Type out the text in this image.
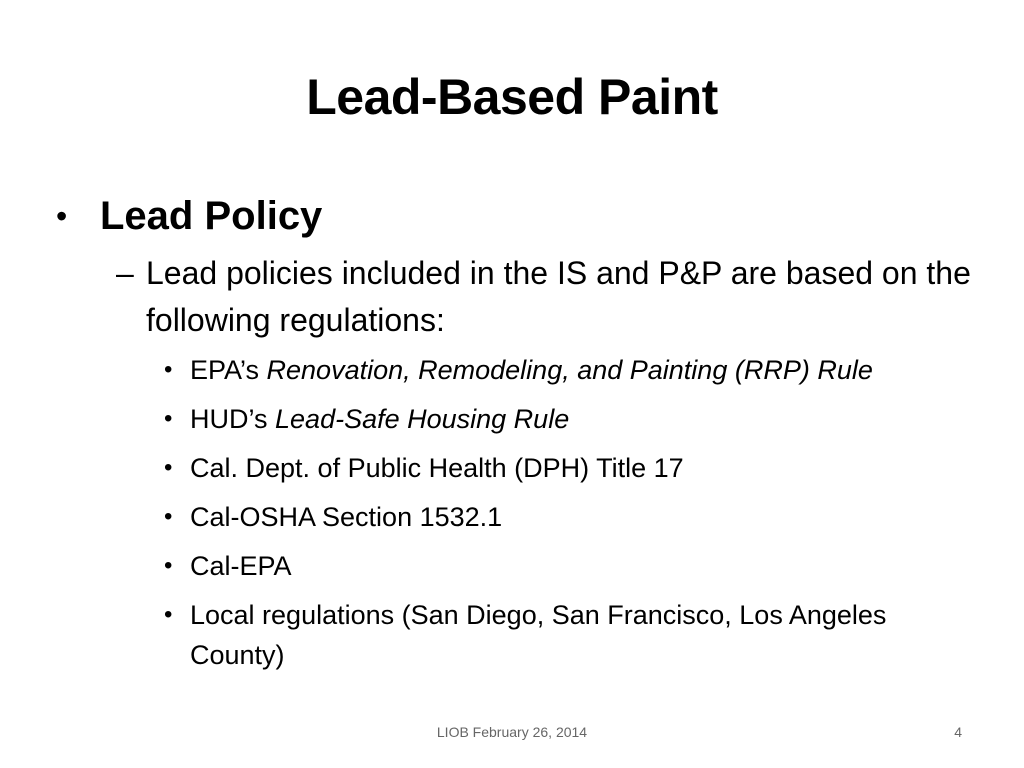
Lead-Based Paint
• Lead Policy
– Lead policies included in the IS and P&P are based on the following regulations:
• EPA’s Renovation, Remodeling, and Painting (RRP) Rule
• HUD’s Lead-Safe Housing Rule
• Cal. Dept. of Public Health (DPH) Title 17
• Cal-OSHA Section 1532.1
• Cal-EPA
• Local regulations (San Diego, San Francisco, Los Angeles County)
LIOB February 26, 2014	4
